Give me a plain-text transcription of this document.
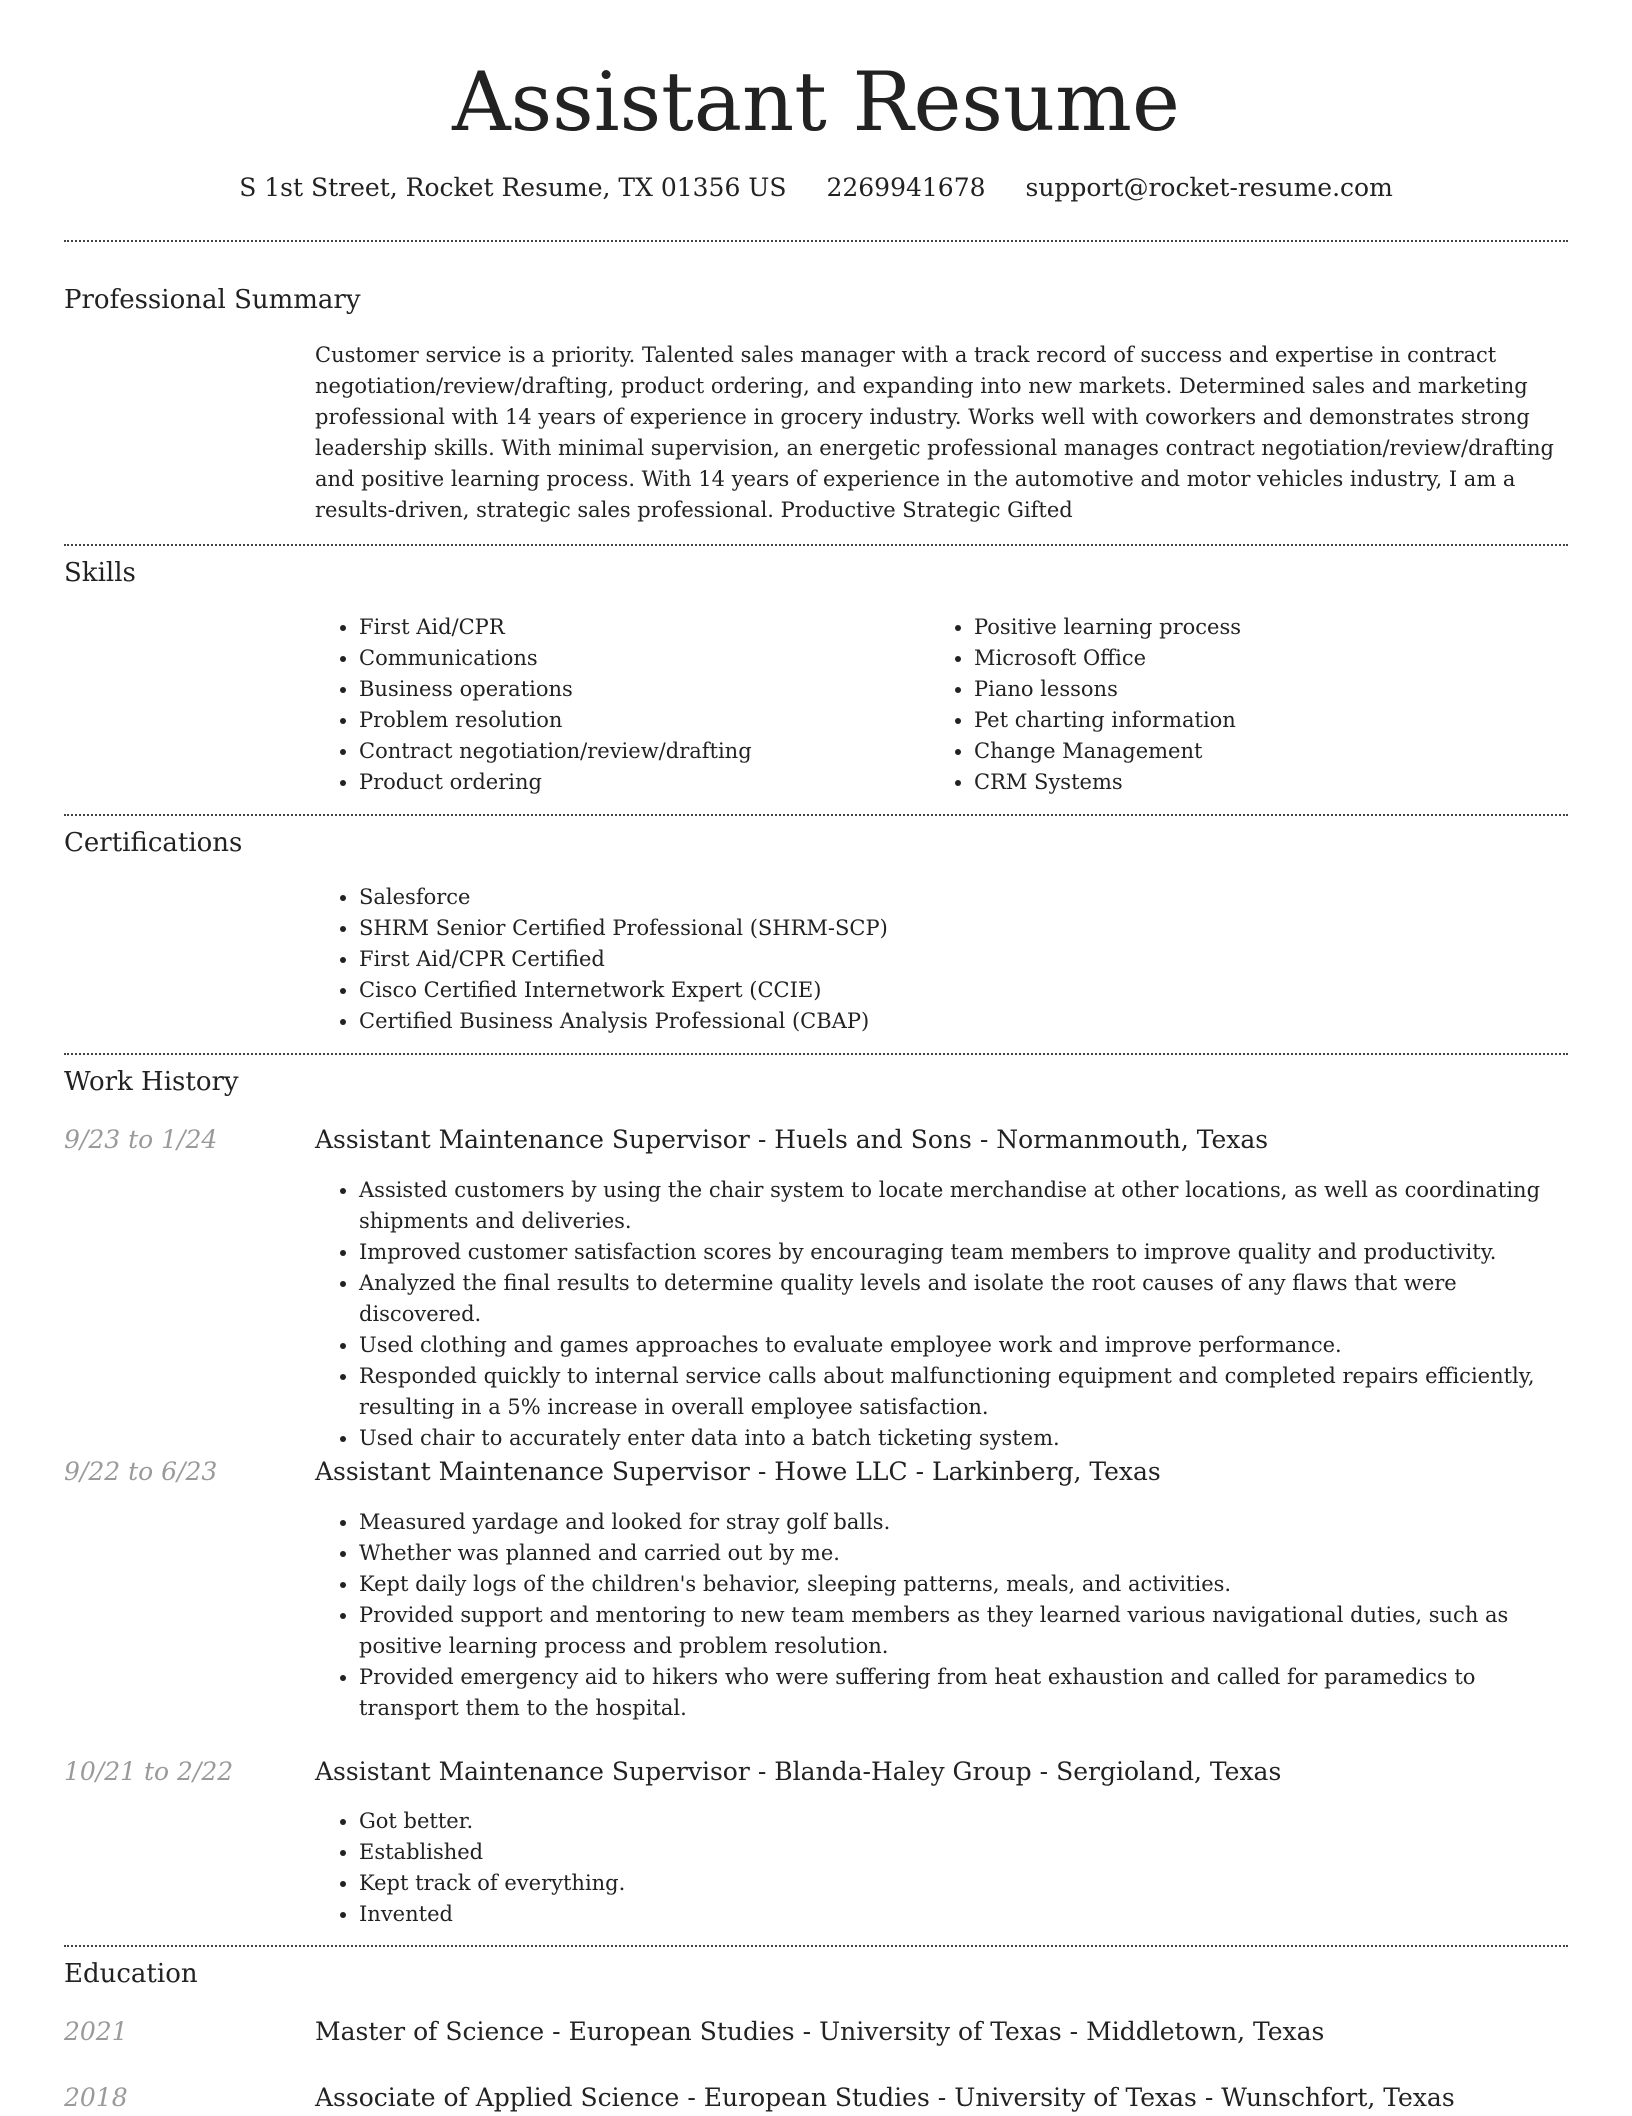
Assistant Resume
S 1st Street, Rocket Resume, TX 01356 US 2269941678 support@rocket-resume.com
Professional Summary

Customer service is a priority. Talented sales manager with a track record of success and expertise in contract negotiation/review/drafting, product ordering, and expanding into new markets. Determined sales and marketing professional with 14 years of experience in grocery industry. Works well with coworkers and demonstrates strong leadership skills. With minimal supervision, an energetic professional manages contract negotiation/review/drafting and positive learning process. With 14 years of experience in the automotive and motor vehicles industry, I am a results-driven, strategic sales professional. Productive Strategic Gifted

Skills
• First Aid/CPR
• Communications
• Business operations
• Problem resolution
• Contract negotiation/review/drafting
• Product ordering
• Positive learning process
• Microsoft Office
• Piano lessons
• Pet charting information
• Change Management
• CRM Systems
Certifications
• Salesforce
• SHRM Senior Certified Professional (SHRM-SCP)
• First Aid/CPR Certified
• Cisco Certified Internetwork Expert (CCIE)
• Certified Business Analysis Professional (CBAP)
Work History
9/23 to 1/24	Assistant Maintenance Supervisor - Huels and Sons - Normanmouth, Texas
• Assisted customers by using the chair system to locate merchandise at other locations, as well as coordinating shipments and deliveries.
• Improved customer satisfaction scores by encouraging team members to improve quality and productivity.
• Analyzed the final results to determine quality levels and isolate the root causes of any flaws that were discovered.
• Used clothing and games approaches to evaluate employee work and improve performance.
• Responded quickly to internal service calls about malfunctioning equipment and completed repairs efficiently, resulting in a 5% increase in overall employee satisfaction.
• Used chair to accurately enter data into a batch ticketing system.
9/22 to 6/23	Assistant Maintenance Supervisor - Howe LLC - Larkinberg, Texas
• Measured yardage and looked for stray golf balls.
• Whether was planned and carried out by me.
• Kept daily logs of the children's behavior, sleeping patterns, meals, and activities.
• Provided support and mentoring to new team members as they learned various navigational duties, such as positive learning process and problem resolution.
• Provided emergency aid to hikers who were suffering from heat exhaustion and called for paramedics to transport them to the hospital.
10/21 to 2/22	Assistant Maintenance Supervisor - Blanda-Haley Group - Sergioland, Texas
• Got better.
• Established
• Kept track of everything.
• Invented
Education
2021	Master of Science - European Studies - University of Texas - Middletown, Texas
2018	Associate of Applied Science - European Studies - University of Texas - Wunschfort, Texas
